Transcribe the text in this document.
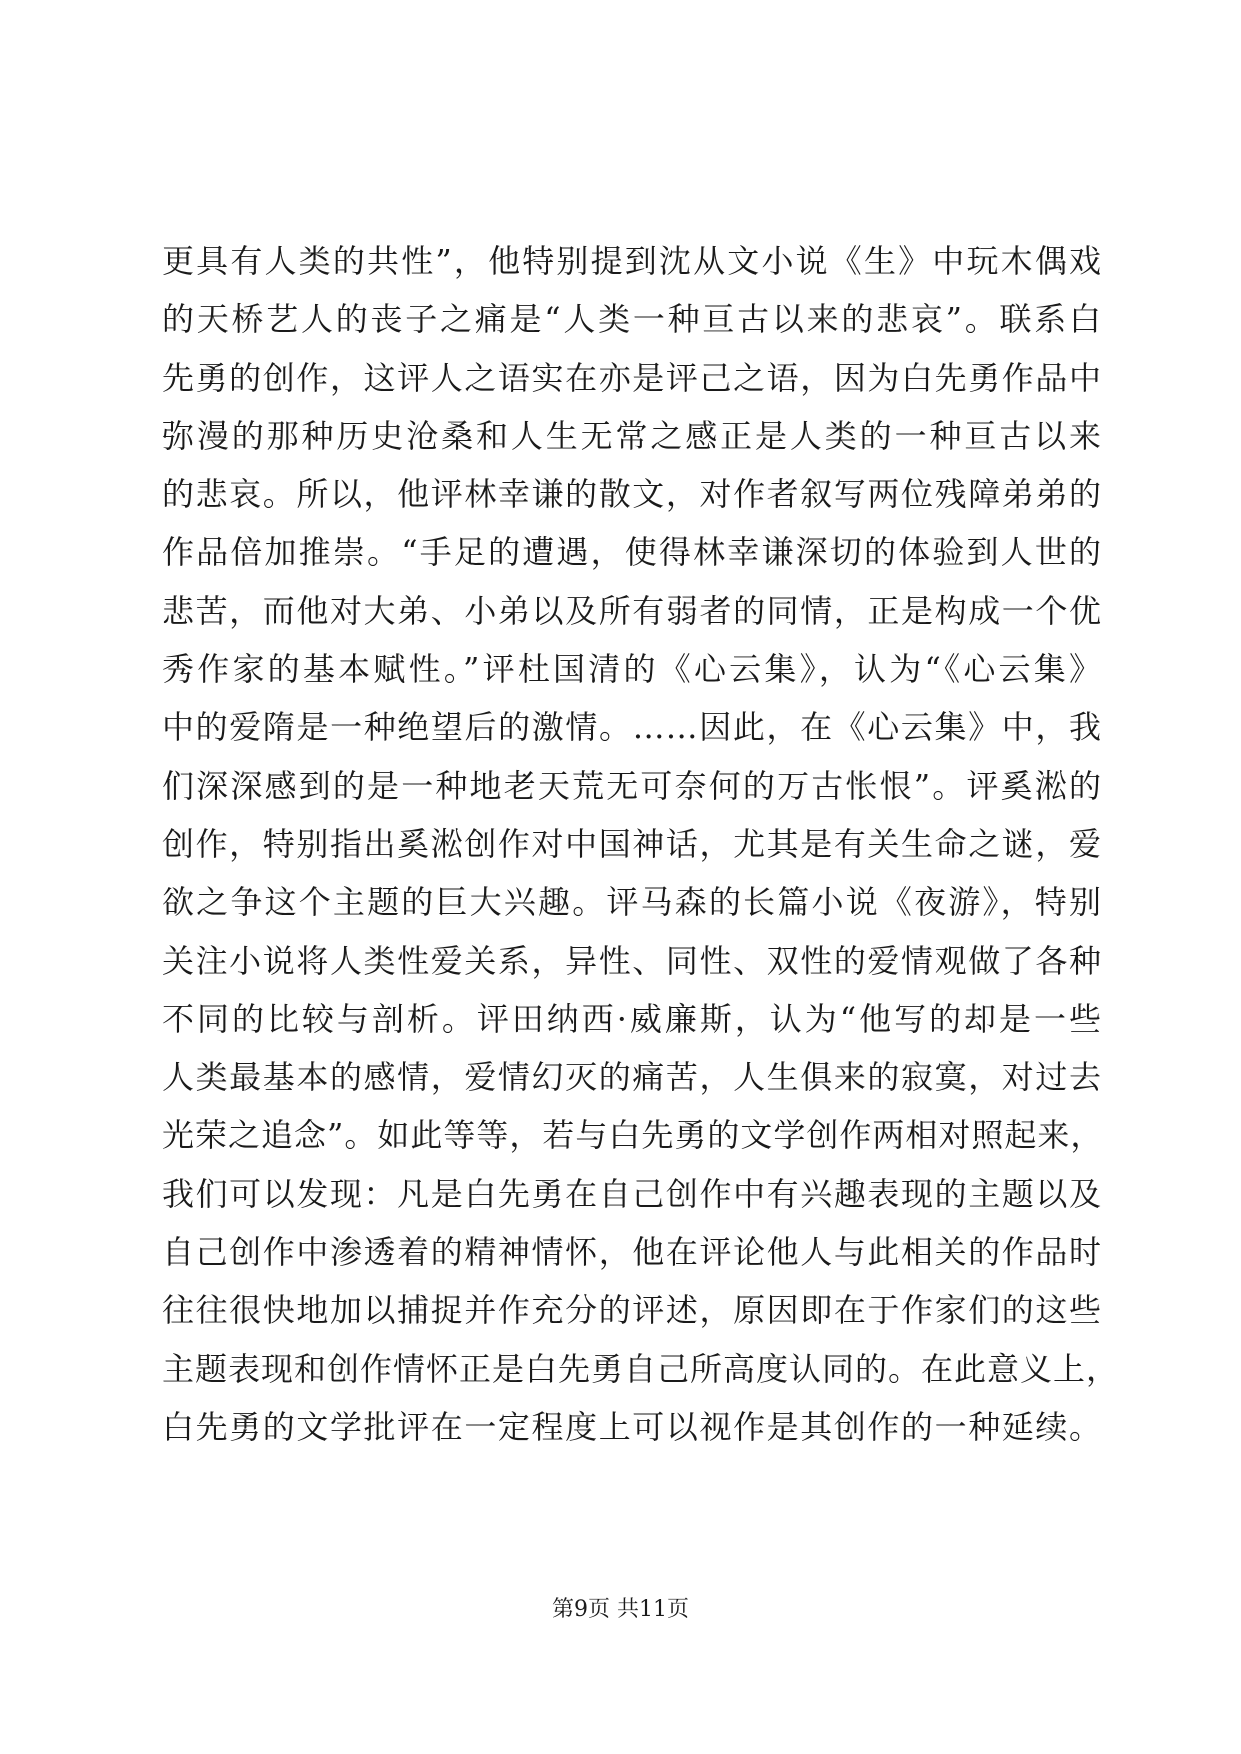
更具有人类的共性”，他特别提到沈从文小说《生》中玩木偶戏
的天桥艺人的丧子之痛是“人类一种亘古以来的悲哀”。联系白
先勇的创作，这评人之语实在亦是评己之语，因为白先勇作品中
弥漫的那种历史沧桑和人生无常之感正是人类的一种亘古以来
的悲哀。所以，他评林幸谦的散文，对作者叙写两位残障弟弟的
作品倍加推崇。“手足的遭遇，使得林幸谦深切的体验到人世的
悲苦，而他对大弟、小弟以及所有弱者的同情，正是构成一个优
秀作家的基本赋性。”评杜国清的《心云集》，认为“《心云集》
中的爱隋是一种绝望后的激情。……因此，在《心云集》中，我
们深深感到的是一种地老天荒无可奈何的万古怅恨”。评奚淞的
创作，特别指出奚淞创作对中国神话，尤其是有关生命之谜，爱
欲之争这个主题的巨大兴趣。评马森的长篇小说《夜游》，特别
关注小说将人类性爱关系，异性、同性、双性的爱情观做了各种
不同的比较与剖析。评田纳西·威廉斯，认为“他写的却是一些
人类最基本的感情，爱情幻灭的痛苦，人生俱来的寂寞，对过去
光荣之追念”。如此等等，若与白先勇的文学创作两相对照起来，
我们可以发现：凡是白先勇在自己创作中有兴趣表现的主题以及
自己创作中渗透着的精神情怀，他在评论他人与此相关的作品时
往往很快地加以捕捉并作充分的评述，原因即在于作家们的这些
主题表现和创作情怀正是白先勇自己所高度认同的。在此意义上，
白先勇的文学批评在一定程度上可以视作是其创作的一种延续。
第9页 共11页
